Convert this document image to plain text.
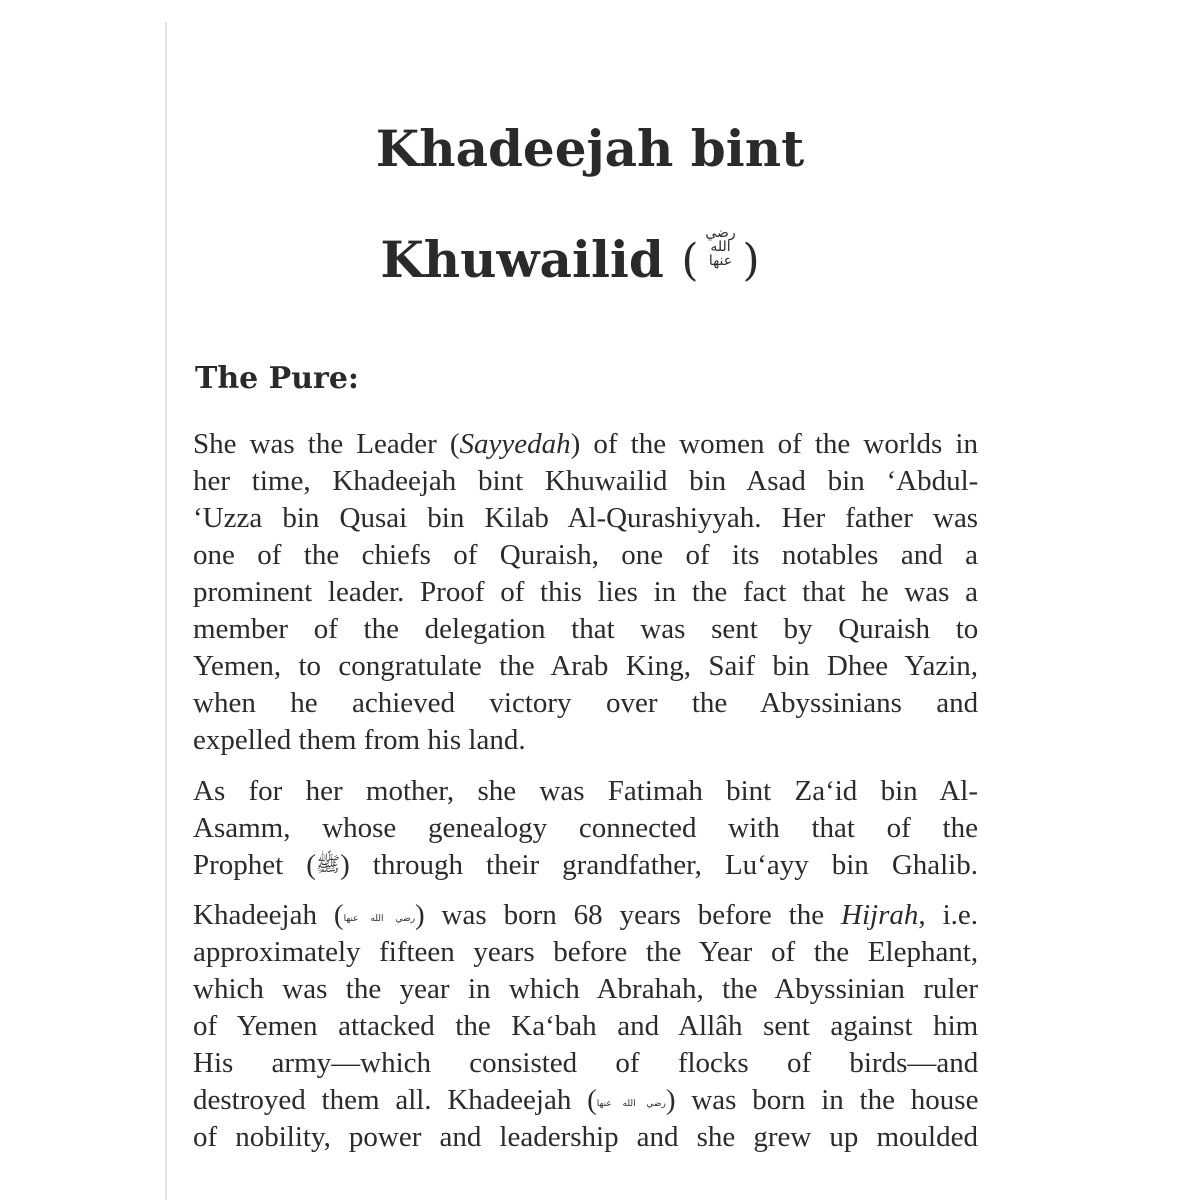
Khadeejah bint
Khuwailid (رضي الله عنها )
The Pure:
She was the Leader (Sayyedah) of the women of the worlds in
her time, Khadeejah bint Khuwailid bin Asad bin ‘Abdul-
‘Uzza bin Qusai bin Kilab Al-Qurashiyyah. Her father was
one of the chiefs of Quraish, one of its notables and a
prominent leader. Proof of this lies in the fact that he was a
member of the delegation that was sent by Quraish to
Yemen, to congratulate the Arab King, Saif bin Dhee Yazin,
when he achieved victory over the Abyssinians and
expelled them from his land.
As for her mother, she was Fatimah bint Za‘id bin Al-
Asamm, whose genealogy connected with that of the
Prophet (ﷺ) through their grandfather, Lu‘ayy bin Ghalib.
Khadeejah (رضي الله عنها) was born 68 years before the Hijrah, i.e.
approximately fifteen years before the Year of the Elephant,
which was the year in which Abrahah, the Abyssinian ruler
of Yemen attacked the Ka‘bah and Allâh sent against him
His army—which consisted of flocks of birds—and
destroyed them all. Khadeejah (رضي الله عنها) was born in the house
of nobility, power and leadership and she grew up moulded
